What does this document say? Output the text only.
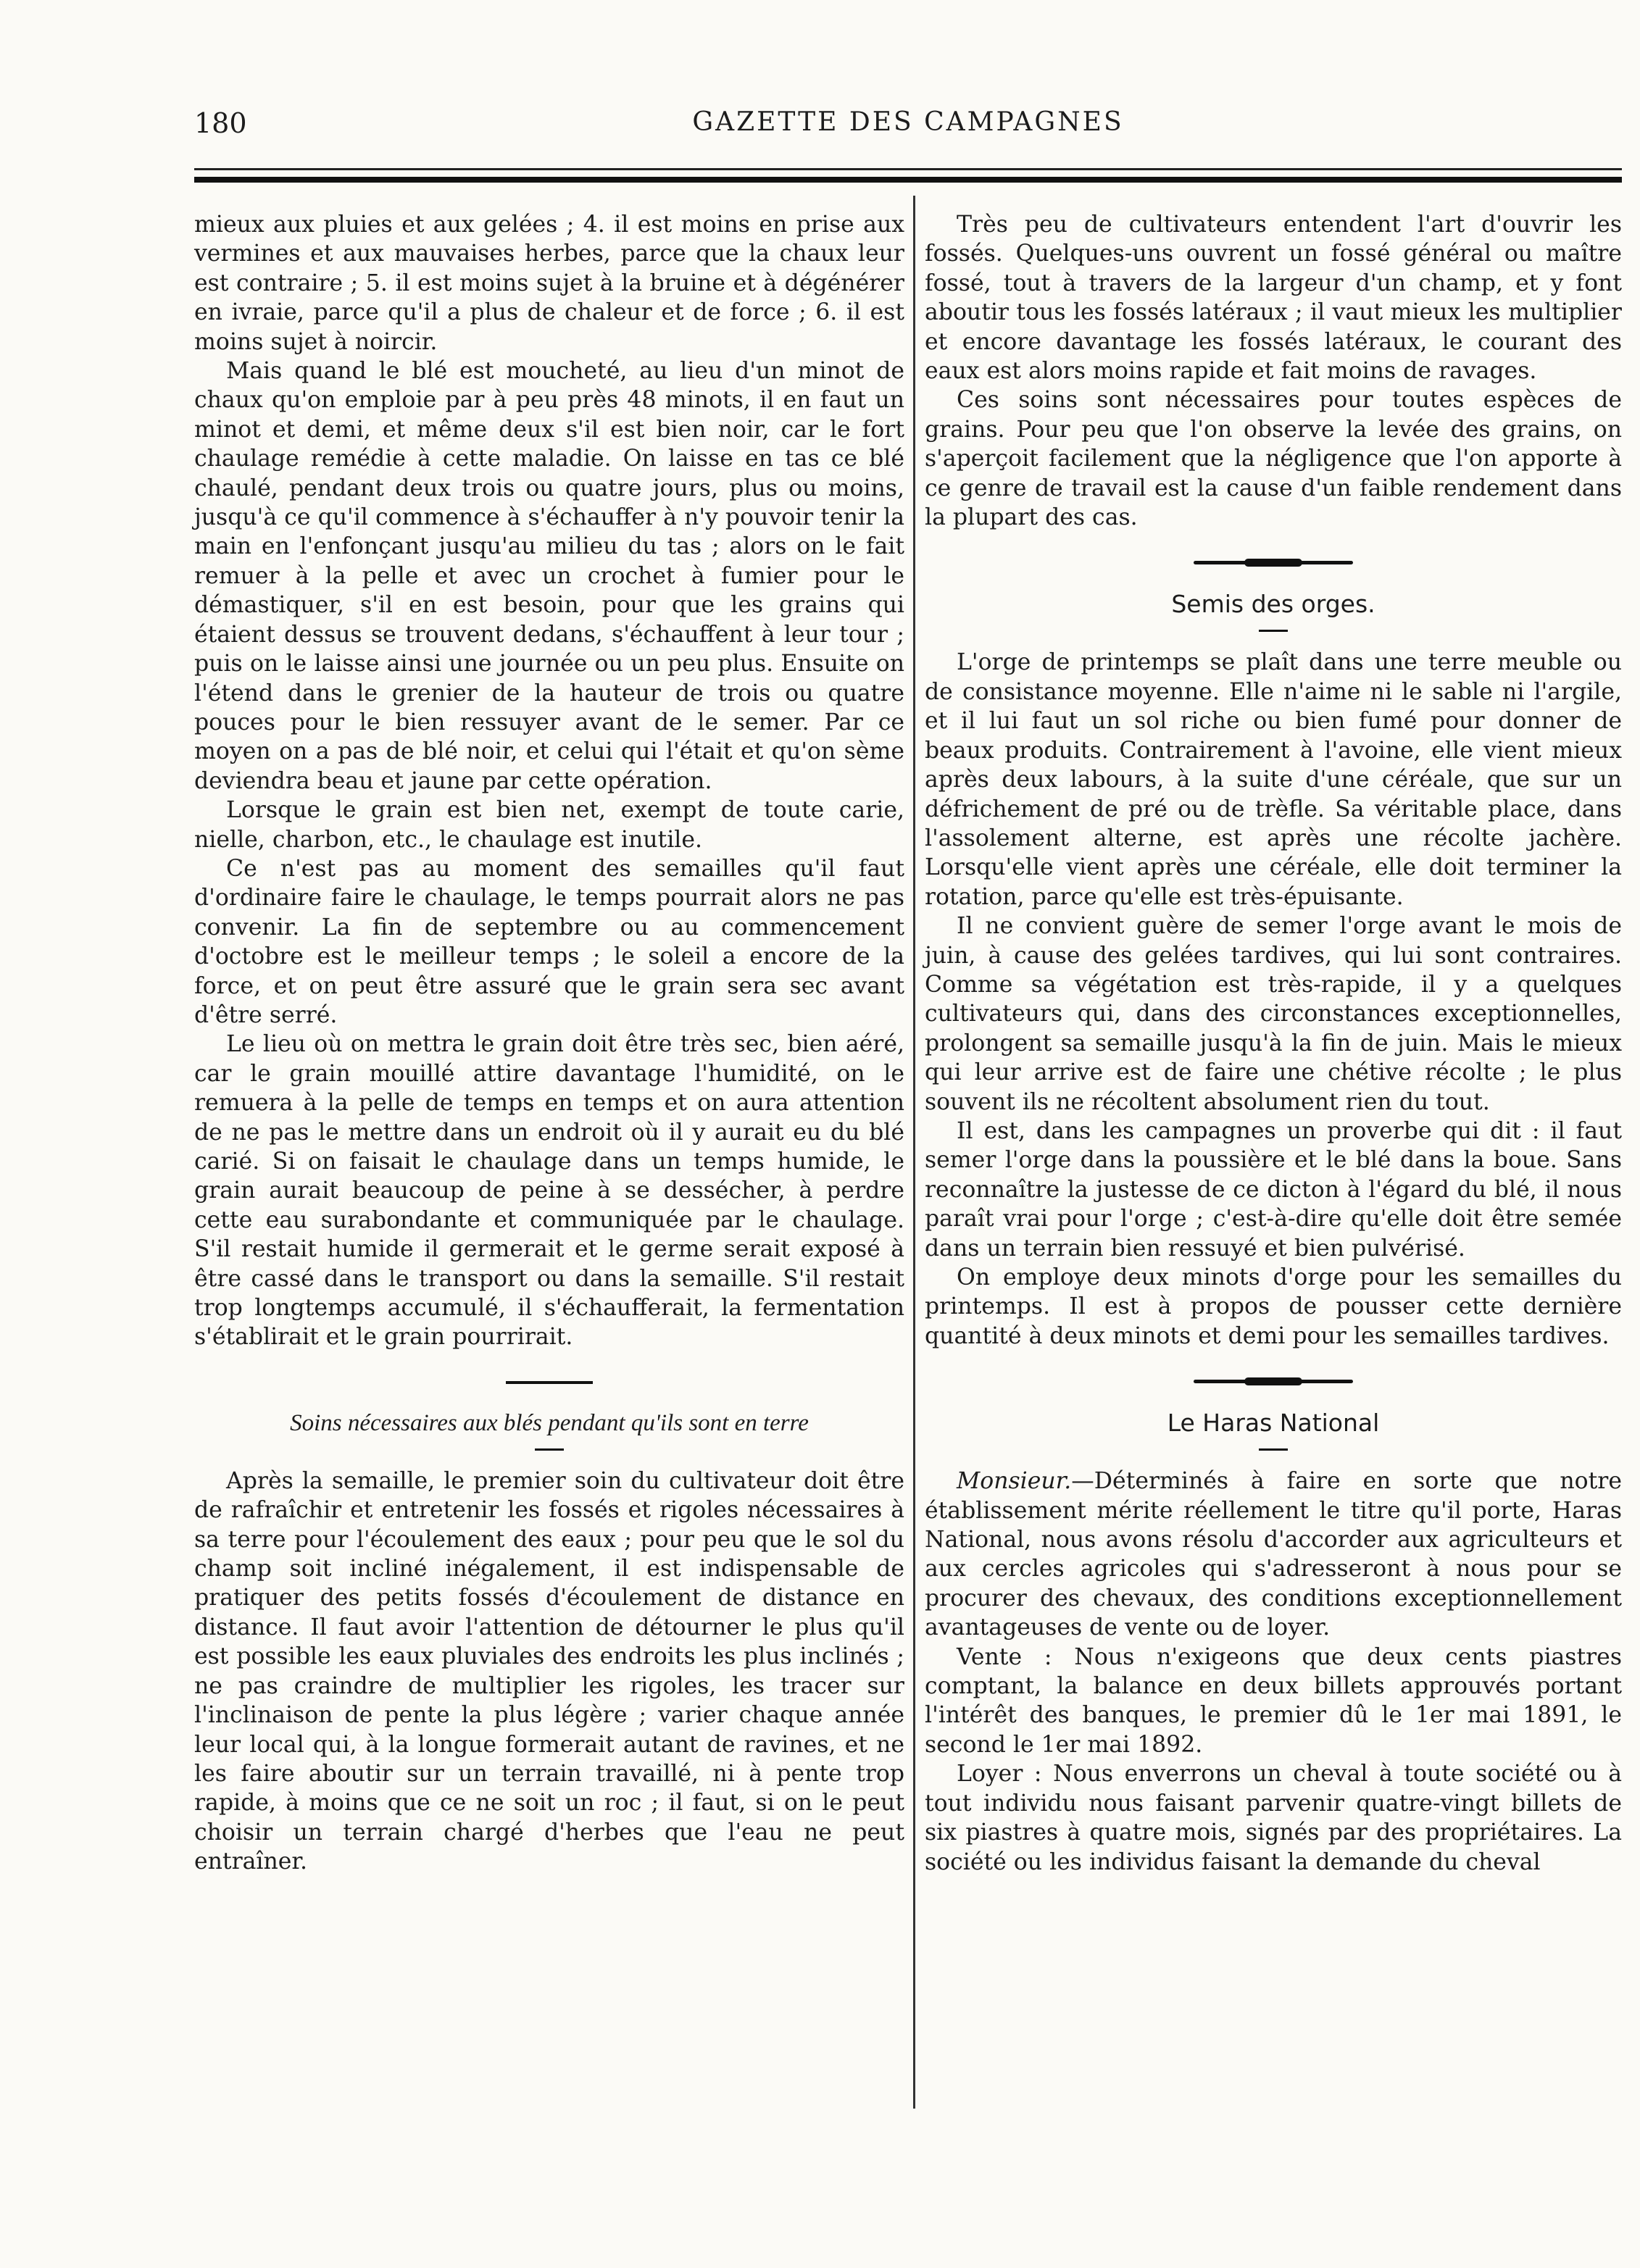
180	GAZETTE DES CAMPAGNES

mieux aux pluies et aux gelées ; 4. il est moins en prise aux vermines et aux mauvaises herbes, parce que la chaux leur est contraire ; 5. il est moins sujet à la bruine et à dégénérer en ivraie, parce qu'il a plus de chaleur et de force ; 6. il est moins sujet à noircir.

Mais quand le blé est moucheté, au lieu d'un minot de chaux qu'on emploie par à peu près 48 minots, il en faut un minot et demi, et même deux s'il est bien noir, car le fort chaulage remédie à cette maladie. On laisse en tas ce blé chaulé, pendant deux trois ou quatre jours, plus ou moins, jusqu'à ce qu'il commence à s'échauffer à n'y pouvoir tenir la main en l'enfonçant jusqu'au milieu du tas ; alors on le fait remuer à la pelle et avec un crochet à fumier pour le démastiquer, s'il en est besoin, pour que les grains qui étaient dessus se trouvent dedans, s'échauffent à leur tour ; puis on le laisse ainsi une journée ou un peu plus. Ensuite on l'étend dans le grenier de la hauteur de trois ou quatre pouces pour le bien ressuyer avant de le semer. Par ce moyen on a pas de blé noir, et celui qui l'était et qu'on sème deviendra beau et jaune par cette opération.

Lorsque le grain est bien net, exempt de toute carie, nielle, charbon, etc., le chaulage est inutile.

Ce n'est pas au moment des semailles qu'il faut d'ordinaire faire le chaulage, le temps pourrait alors ne pas convenir. La fin de septembre ou au commencement d'octobre est le meilleur temps ; le soleil a encore de la force, et on peut être assuré que le grain sera sec avant d'être serré.

Le lieu où on mettra le grain doit être très sec, bien aéré, car le grain mouillé attire davantage l'humidité, on le remuera à la pelle de temps en temps et on aura attention de ne pas le mettre dans un endroit où il y aurait eu du blé carié. Si on faisait le chaulage dans un temps humide, le grain aurait beaucoup de peine à se dessécher, à perdre cette eau surabondante et communiquée par le chaulage. S'il restait humide il germerait et le germe serait exposé à être cassé dans le transport ou dans la semaille. S'il restait trop longtemps accumulé, il s'échaufferait, la fermentation s'établirait et le grain pourrirait.

Soins nécessaires aux blés pendant qu'ils sont en terre

Après la semaille, le premier soin du cultivateur doit être de rafraîchir et entretenir les fossés et rigoles nécessaires à sa terre pour l'écoulement des eaux ; pour peu que le sol du champ soit incliné inégalement, il est indispensable de pratiquer des petits fossés d'écoulement de distance en distance. Il faut avoir l'attention de détourner le plus qu'il est possible les eaux pluviales des endroits les plus inclinés ; ne pas craindre de multiplier les rigoles, les tracer sur l'inclinaison de pente la plus légère ; varier chaque année leur local qui, à la longue formerait autant de ravines, et ne les faire aboutir sur un terrain travaillé, ni à pente trop rapide, à moins que ce ne soit un roc ; il faut, si on le peut choisir un terrain chargé d'herbes que l'eau ne peut entraîner.

Très peu de cultivateurs entendent l'art d'ouvrir les fossés. Quelques-uns ouvrent un fossé général ou maître fossé, tout à travers de la largeur d'un champ, et y font aboutir tous les fossés latéraux ; il vaut mieux les multiplier et encore davantage les fossés latéraux, le courant des eaux est alors moins rapide et fait moins de ravages.

Ces soins sont nécessaires pour toutes espèces de grains. Pour peu que l'on observe la levée des grains, on s'aperçoit facilement que la négligence que l'on apporte à ce genre de travail est la cause d'un faible rendement dans la plupart des cas.

Semis des orges.

L'orge de printemps se plaît dans une terre meuble ou de consistance moyenne. Elle n'aime ni le sable ni l'argile, et il lui faut un sol riche ou bien fumé pour donner de beaux produits. Contrairement à l'avoine, elle vient mieux après deux labours, à la suite d'une céréale, que sur un défrichement de pré ou de trèfle. Sa véritable place, dans l'assolement alterne, est après une récolte jachère. Lorsqu'elle vient après une céréale, elle doit terminer la rotation, parce qu'elle est très-épuisante.

Il ne convient guère de semer l'orge avant le mois de juin, à cause des gelées tardives, qui lui sont contraires. Comme sa végétation est très-rapide, il y a quelques cultivateurs qui, dans des circonstances exceptionnelles, prolongent sa semaille jusqu'à la fin de juin. Mais le mieux qui leur arrive est de faire une chétive récolte ; le plus souvent ils ne récoltent absolument rien du tout.

Il est, dans les campagnes un proverbe qui dit : il faut semer l'orge dans la poussière et le blé dans la boue. Sans reconnaître la justesse de ce dicton à l'égard du blé, il nous paraît vrai pour l'orge ; c'est-à-dire qu'elle doit être semée dans un terrain bien ressuyé et bien pulvérisé.

On employe deux minots d'orge pour les semailles du printemps. Il est à propos de pousser cette dernière quantité à deux minots et demi pour les semailles tardives.

Le Haras National

Monsieur.—Déterminés à faire en sorte que notre établissement mérite réellement le titre qu'il porte, Haras National, nous avons résolu d'accorder aux agriculteurs et aux cercles agricoles qui s'adresseront à nous pour se procurer des chevaux, des conditions exceptionnellement avantageuses de vente ou de loyer.

Vente : Nous n'exigeons que deux cents piastres comptant, la balance en deux billets approuvés portant l'intérêt des banques, le premier dû le 1er mai 1891, le second le 1er mai 1892.

Loyer : Nous enverrons un cheval à toute société ou à tout individu nous faisant parvenir quatre-vingt billets de six piastres à quatre mois, signés par des propriétaires. La société ou les individus faisant la demande du cheval
